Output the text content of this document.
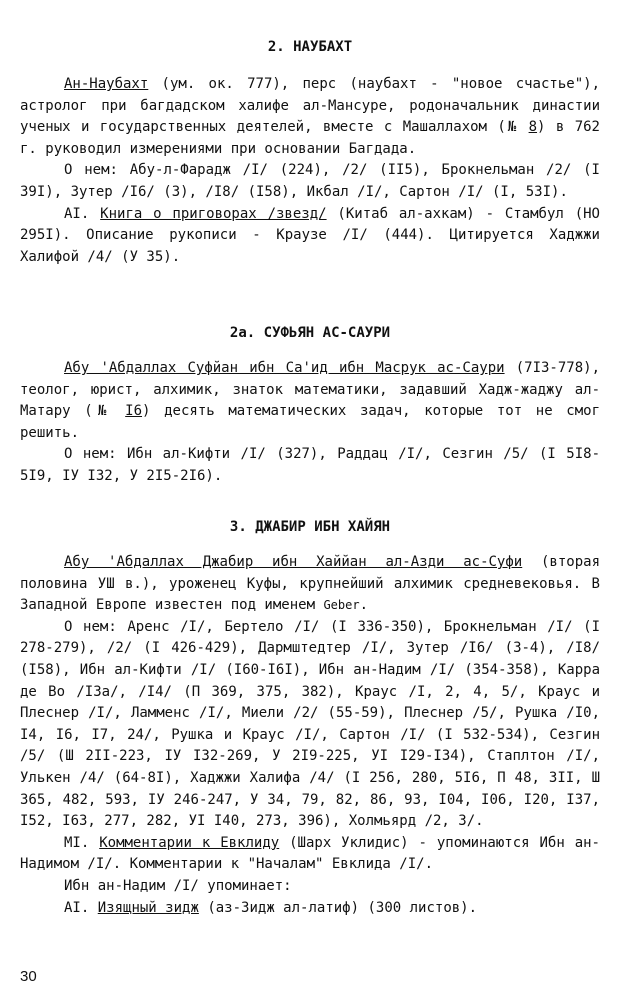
2. НАУБАХТ

Ан-Наубахт (ум. ок. 777), перс (наубахт - "новое счастье"), астролог при багдадском халифе ал-Мансуре, родоначальник династии ученых и государственных деятелей, вместе с Машаллахом (№ 8) в 762 г. руководил измерениями при основании Багдада.

О нем: Абу-л-Фарадж /I/ (224), /2/ (II5), Брокнельман /2/ (I 39I), Зутер /I6/ (3), /I8/ (I58), Икбал /I/, Сартон /I/ (I, 53I).

АI. Книга о приговорах /звезд/ (Китаб ал-ахкам) - Стамбул (НО 295I). Описание рукописи - Краузе /I/ (444). Цитируется Хаджжи Халифой /4/ (У 35).

2а. СУФЬЯН АС-САУРИ

Абу 'Абдаллах Суфйан ибн Са'ид ибн Масрук ас-Саури (7I3-778), теолог, юрист, алхимик, знаток математики, задавший Хадж-жаджу ал-Матару (№ I6) десять математических задач, которые тот не смог решить.

О нем: Ибн ал-Кифти /I/ (327), Раддац /I/, Сезгин /5/ (I 5I8-5I9, IУ I32, У 2I5-2I6).

3. ДЖАБИР ИБН ХАЙЯН

Абу 'Абдаллах Джабир ибн Хаййан ал-Азди ас-Суфи (вторая половина УШ в.), уроженец Куфы, крупнейший алхимик средневековья. В Западной Европе известен под именем Geber.

О нем: Аренс /I/, Бертело /I/ (I 336-350), Брокнельман /I/ (I 278-279), /2/ (I 426-429), Дармштедтер /I/, Зутер /I6/ (3-4), /I8/ (I58), Ибн ал-Кифти /I/ (I60-I6I), Ибн ан-Надим /I/ (354-358), Карра де Во /I3а/, /I4/ (П 369, 375, 382), Краус /I, 2, 4, 5/, Краус и Плеснер /I/, Ламменс /I/, Миели /2/ (55-59), Плеснер /5/, Рушка /I0, I4, I6, I7, 24/, Рушка и Краус /I/, Сартон /I/ (I 532-534), Сезгин /5/ (Ш 2II-223, IУ I32-269, У 2I9-225, УI I29-I34), Стаплтон /I/, Улькен /4/ (64-8I), Хаджжи Халифа /4/ (I 256, 280, 5I6, П 48, 3II, Ш 365, 482, 593, IУ 246-247, У 34, 79, 82, 86, 93, I04, I06, I20, I37, I52, I63, 277, 282, УI I40, 273, 396), Холмьярд /2, 3/.

МI. Комментарии к Евклиду (Шарх Уклидис) - упоминаются Ибн ан-Надимом /I/. Комментарии к "Началам" Евклида /I/.

Ибн ан-Надим /I/ упоминает:

АI. Изящный зидж (аз-Зидж ал-латиф) (300 листов).

30
